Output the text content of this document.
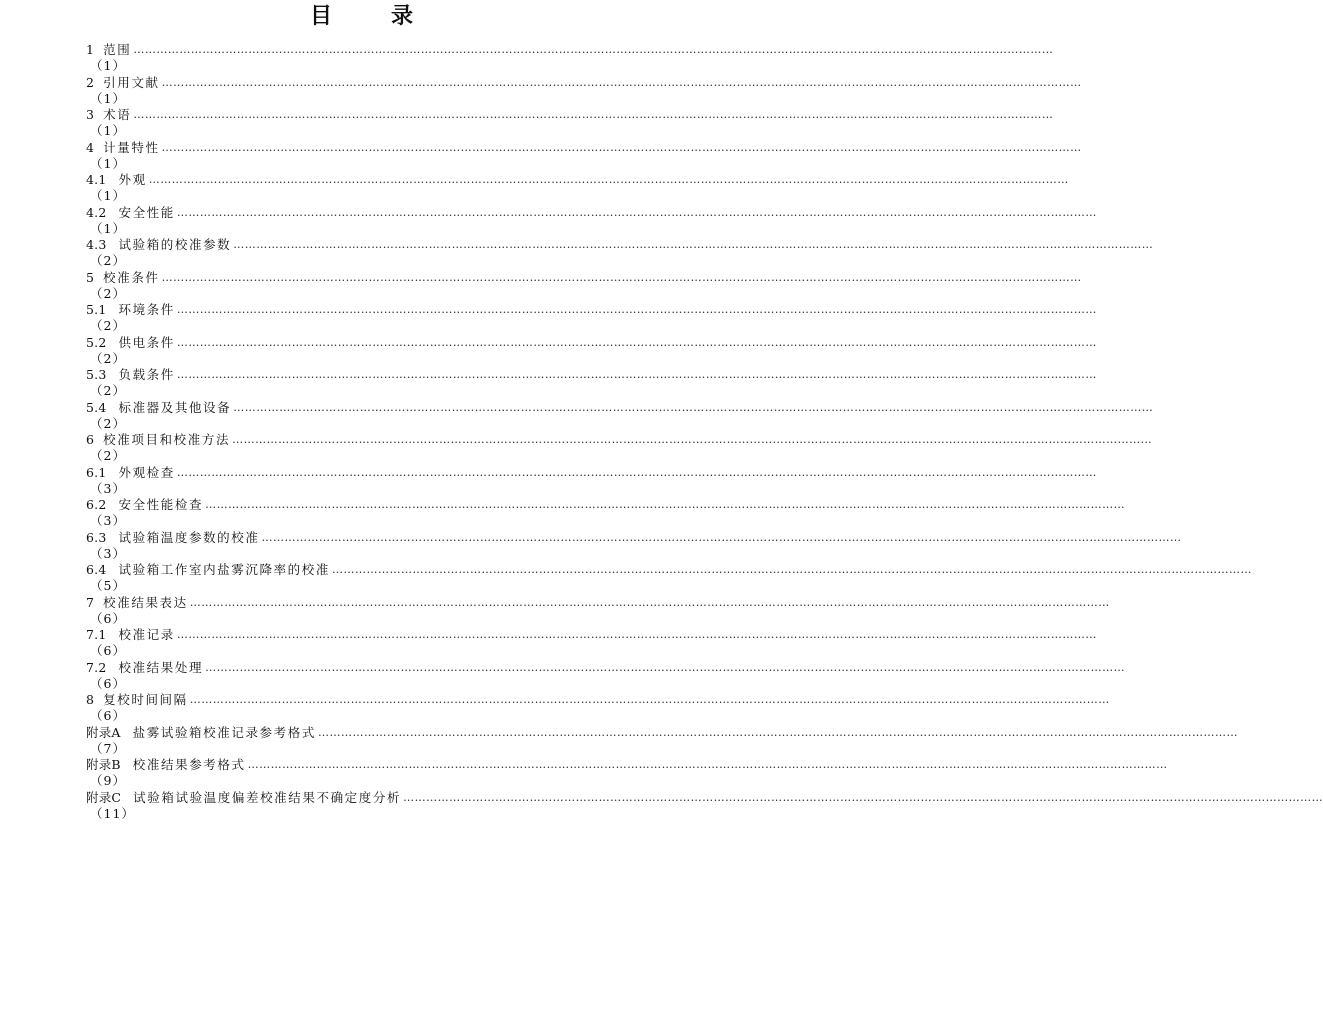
目	录
1 范围 ……………………………………………………………………………………………………………………………………………………………………………………………………………………
（1）
2 引用文献 ……………………………………………………………………………………………………………………………………………………………………………………………………………………
（1）
3 术语 ……………………………………………………………………………………………………………………………………………………………………………………………………………………
（1）
4 计量特性 ……………………………………………………………………………………………………………………………………………………………………………………………………………………
（1）
4.1 外观 ……………………………………………………………………………………………………………………………………………………………………………………………………………………
（1）
4.2 安全性能 ……………………………………………………………………………………………………………………………………………………………………………………………………………………
（1）
4.3 试验箱的校准参数 ……………………………………………………………………………………………………………………………………………………………………………………………………………………
（2）
5 校准条件 ……………………………………………………………………………………………………………………………………………………………………………………………………………………
（2）
5.1 环境条件 ……………………………………………………………………………………………………………………………………………………………………………………………………………………
（2）
5.2 供电条件 ……………………………………………………………………………………………………………………………………………………………………………………………………………………
（2）
5.3 负载条件 ……………………………………………………………………………………………………………………………………………………………………………………………………………………
（2）
5.4 标准器及其他设备 ……………………………………………………………………………………………………………………………………………………………………………………………………………………
（2）
6 校准项目和校准方法 ……………………………………………………………………………………………………………………………………………………………………………………………………………………
（2）
6.1 外观检查 ……………………………………………………………………………………………………………………………………………………………………………………………………………………
（3）
6.2 安全性能检查 ……………………………………………………………………………………………………………………………………………………………………………………………………………………
（3）
6.3 试验箱温度参数的校准 ……………………………………………………………………………………………………………………………………………………………………………………………………………………
（3）
6.4 试验箱工作室内盐雾沉降率的校准 ……………………………………………………………………………………………………………………………………………………………………………………………………………………
（5）
7 校准结果表达 ……………………………………………………………………………………………………………………………………………………………………………………………………………………
（6）
7.1 校准记录 ……………………………………………………………………………………………………………………………………………………………………………………………………………………
（6）
7.2 校准结果处理 ……………………………………………………………………………………………………………………………………………………………………………………………………………………
（6）
8 复校时间间隔 ……………………………………………………………………………………………………………………………………………………………………………………………………………………
（6）
附录A 盐雾试验箱校准记录参考格式 ……………………………………………………………………………………………………………………………………………………………………………………………………………………
（7）
附录B 校准结果参考格式 ……………………………………………………………………………………………………………………………………………………………………………………………………………………
（9）
附录C 试验箱试验温度偏差校准结果不确定度分析 ……………………………………………………………………………………………………………………………………………………………………………………………………………………
（11）
